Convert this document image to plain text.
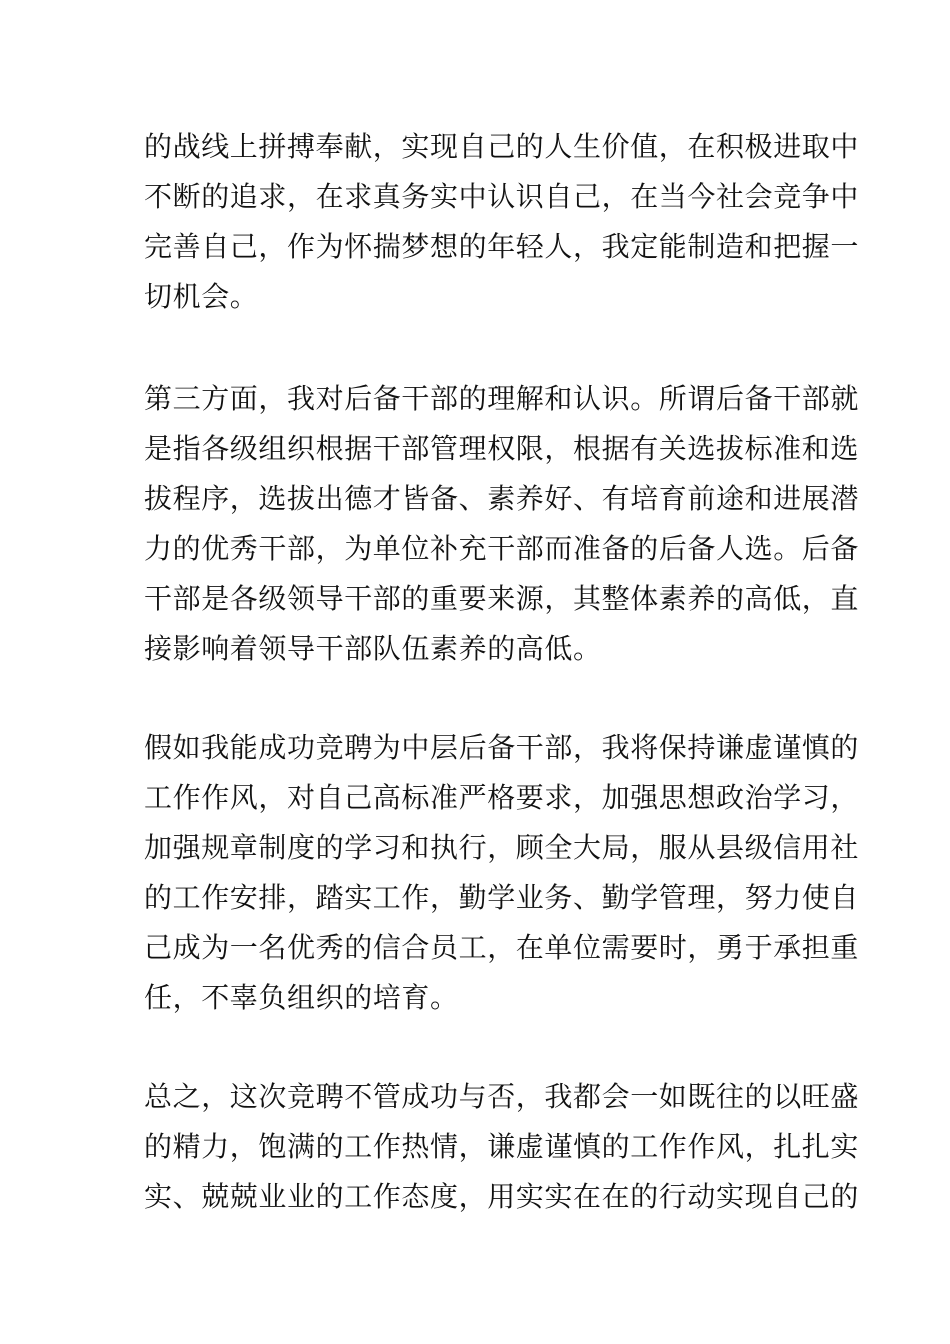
的战线上拼搏奉献，实现自己的人生价值，在积极进取中
不断的追求，在求真务实中认识自己，在当今社会竞争中
完善自己，作为怀揣梦想的年轻人，我定能制造和把握一
切机会。
第三方面，我对后备干部的理解和认识。所谓后备干部就
是指各级组织根据干部管理权限，根据有关选拔标准和选
拔程序，选拔出德才皆备、素养好、有培育前途和进展潜
力的优秀干部，为单位补充干部而准备的后备人选。后备
干部是各级领导干部的重要来源，其整体素养的高低，直
接影响着领导干部队伍素养的高低。
假如我能成功竞聘为中层后备干部，我将保持谦虚谨慎的
工作作风，对自己高标准严格要求，加强思想政治学习，
加强规章制度的学习和执行，顾全大局，服从县级信用社
的工作安排，踏实工作，勤学业务、勤学管理，努力使自
己成为一名优秀的信合员工，在单位需要时，勇于承担重
任，不辜负组织的培育。
总之，这次竞聘不管成功与否，我都会一如既往的以旺盛
的精力，饱满的工作热情，谦虚谨慎的工作作风，扎扎实
实、兢兢业业的工作态度，用实实在在的行动实现自己的
